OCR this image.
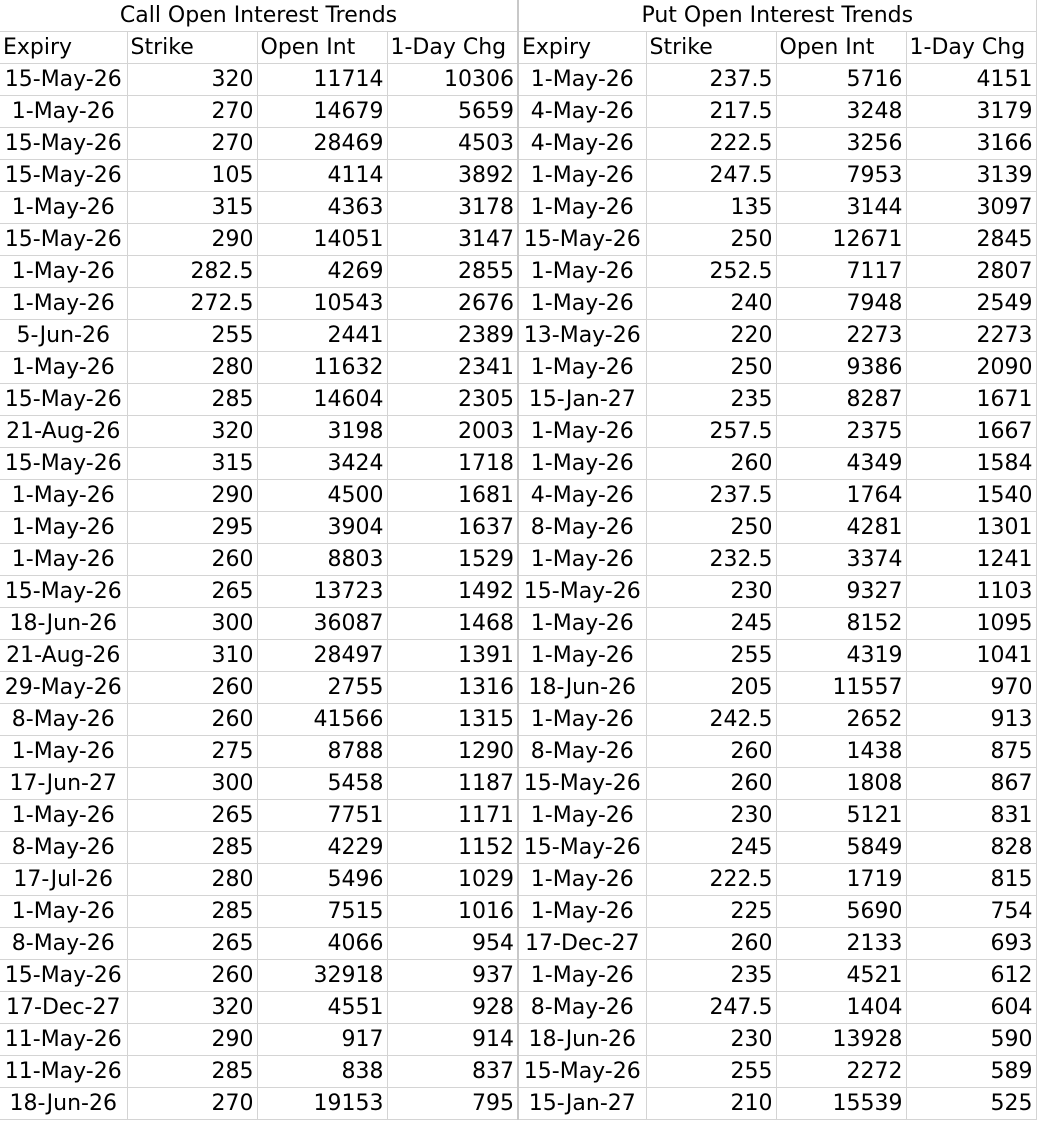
Call Open Interest Trends				Put Open Interest Trends			
Expiry	Strike	Open Int	1-Day Chg	Expiry	Strike	Open Int	1-Day Chg
15-May-26	320	11714	10306	1-May-26	237.5	5716	4151
1-May-26	270	14679	5659	4-May-26	217.5	3248	3179
15-May-26	270	28469	4503	4-May-26	222.5	3256	3166
15-May-26	105	4114	3892	1-May-26	247.5	7953	3139
1-May-26	315	4363	3178	1-May-26	135	3144	3097
15-May-26	290	14051	3147	15-May-26	250	12671	2845
1-May-26	282.5	4269	2855	1-May-26	252.5	7117	2807
1-May-26	272.5	10543	2676	1-May-26	240	7948	2549
5-Jun-26	255	2441	2389	13-May-26	220	2273	2273
1-May-26	280	11632	2341	1-May-26	250	9386	2090
15-May-26	285	14604	2305	15-Jan-27	235	8287	1671
21-Aug-26	320	3198	2003	1-May-26	257.5	2375	1667
15-May-26	315	3424	1718	1-May-26	260	4349	1584
1-May-26	290	4500	1681	4-May-26	237.5	1764	1540
1-May-26	295	3904	1637	8-May-26	250	4281	1301
1-May-26	260	8803	1529	1-May-26	232.5	3374	1241
15-May-26	265	13723	1492	15-May-26	230	9327	1103
18-Jun-26	300	36087	1468	1-May-26	245	8152	1095
21-Aug-26	310	28497	1391	1-May-26	255	4319	1041
29-May-26	260	2755	1316	18-Jun-26	205	11557	970
8-May-26	260	41566	1315	1-May-26	242.5	2652	913
1-May-26	275	8788	1290	8-May-26	260	1438	875
17-Jun-27	300	5458	1187	15-May-26	260	1808	867
1-May-26	265	7751	1171	1-May-26	230	5121	831
8-May-26	285	4229	1152	15-May-26	245	5849	828
17-Jul-26	280	5496	1029	1-May-26	222.5	1719	815
1-May-26	285	7515	1016	1-May-26	225	5690	754
8-May-26	265	4066	954	17-Dec-27	260	2133	693
15-May-26	260	32918	937	1-May-26	235	4521	612
17-Dec-27	320	4551	928	8-May-26	247.5	1404	604
11-May-26	290	917	914	18-Jun-26	230	13928	590
11-May-26	285	838	837	15-May-26	255	2272	589
18-Jun-26	270	19153	795	15-Jan-27	210	15539	525
